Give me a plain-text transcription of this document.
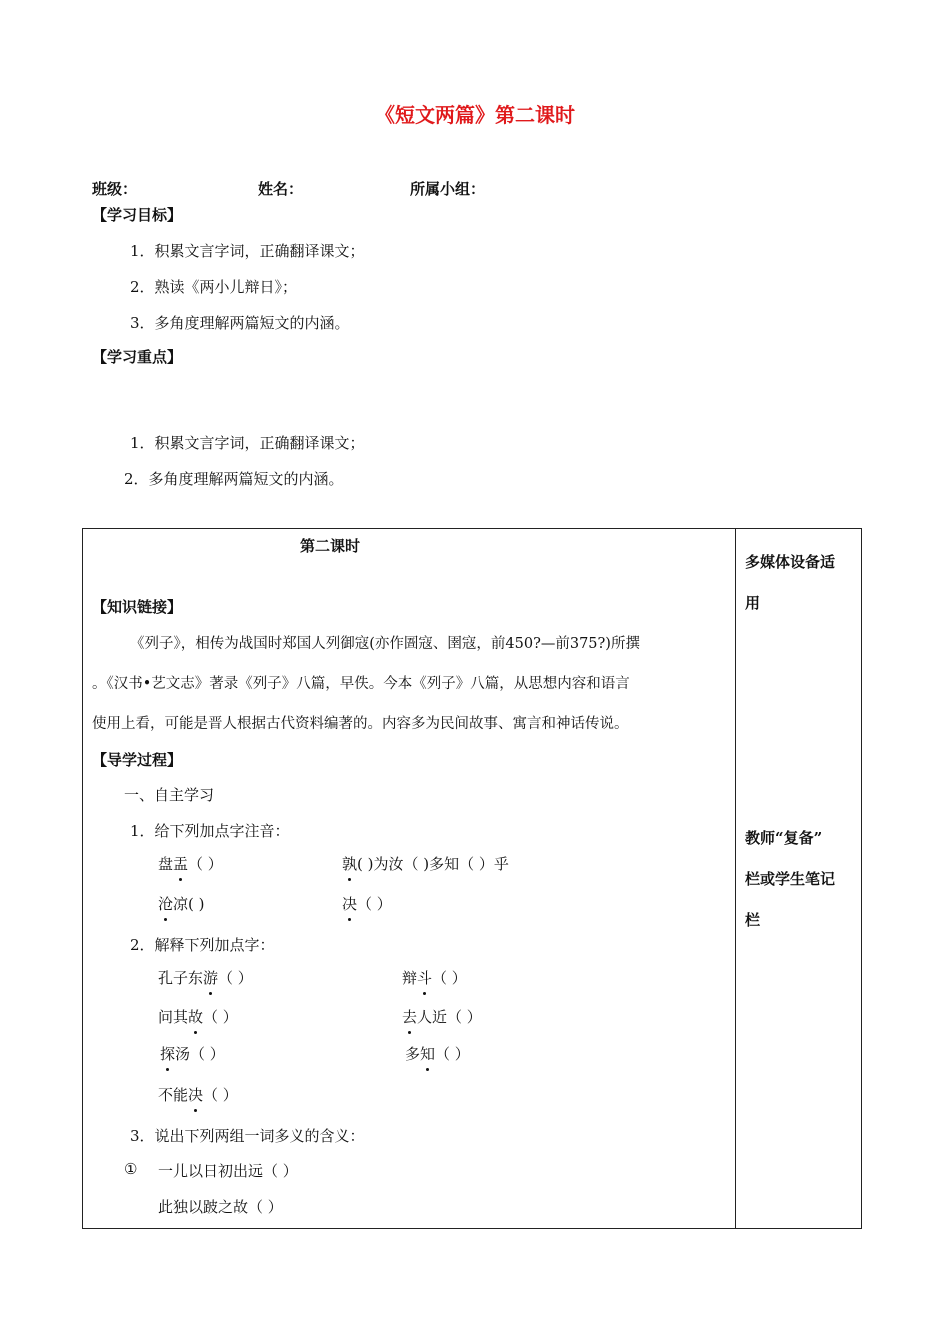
《短文两篇》第二课时
班级：	姓名：	所属小组：
【学习目标】
1．积累文言字词，正确翻译课文；
2．熟读《两小儿辩日》；
3．多角度理解两篇短文的内涵。
【学习重点】
1．积累文言字词，正确翻译课文；
2．多角度理解两篇短文的内涵。
第二课时
多媒体设备适
用
教师“复备”
栏或学生笔记
栏
【知识链接】
《列子》，相传为战国时郑国人列御寇(亦作圄寇、圉寇，前450?—前375?)所撰
。《汉书•艺文志》著录《列子》八篇，早佚。今本《列子》八篇，从思想内容和语言
使用上看，可能是晋人根据古代资料编著的。内容多为民间故事、寓言和神话传说。
【导学过程】
一、自主学习
1．给下列加点字注音：
盘盂（ ）	孰( )为汝（ )多知（ ）乎
沧凉( )	决（ ）
2．解释下列加点字：
孔子东游（ ）	辩斗（ ）
问其故（ ）	去人近（ ）
探汤（ ）	多知（ ）
不能决（ ）
3．说出下列两组一词多义的含义：
① 一儿以日初出远（ ）
此独以跛之故（ ）
